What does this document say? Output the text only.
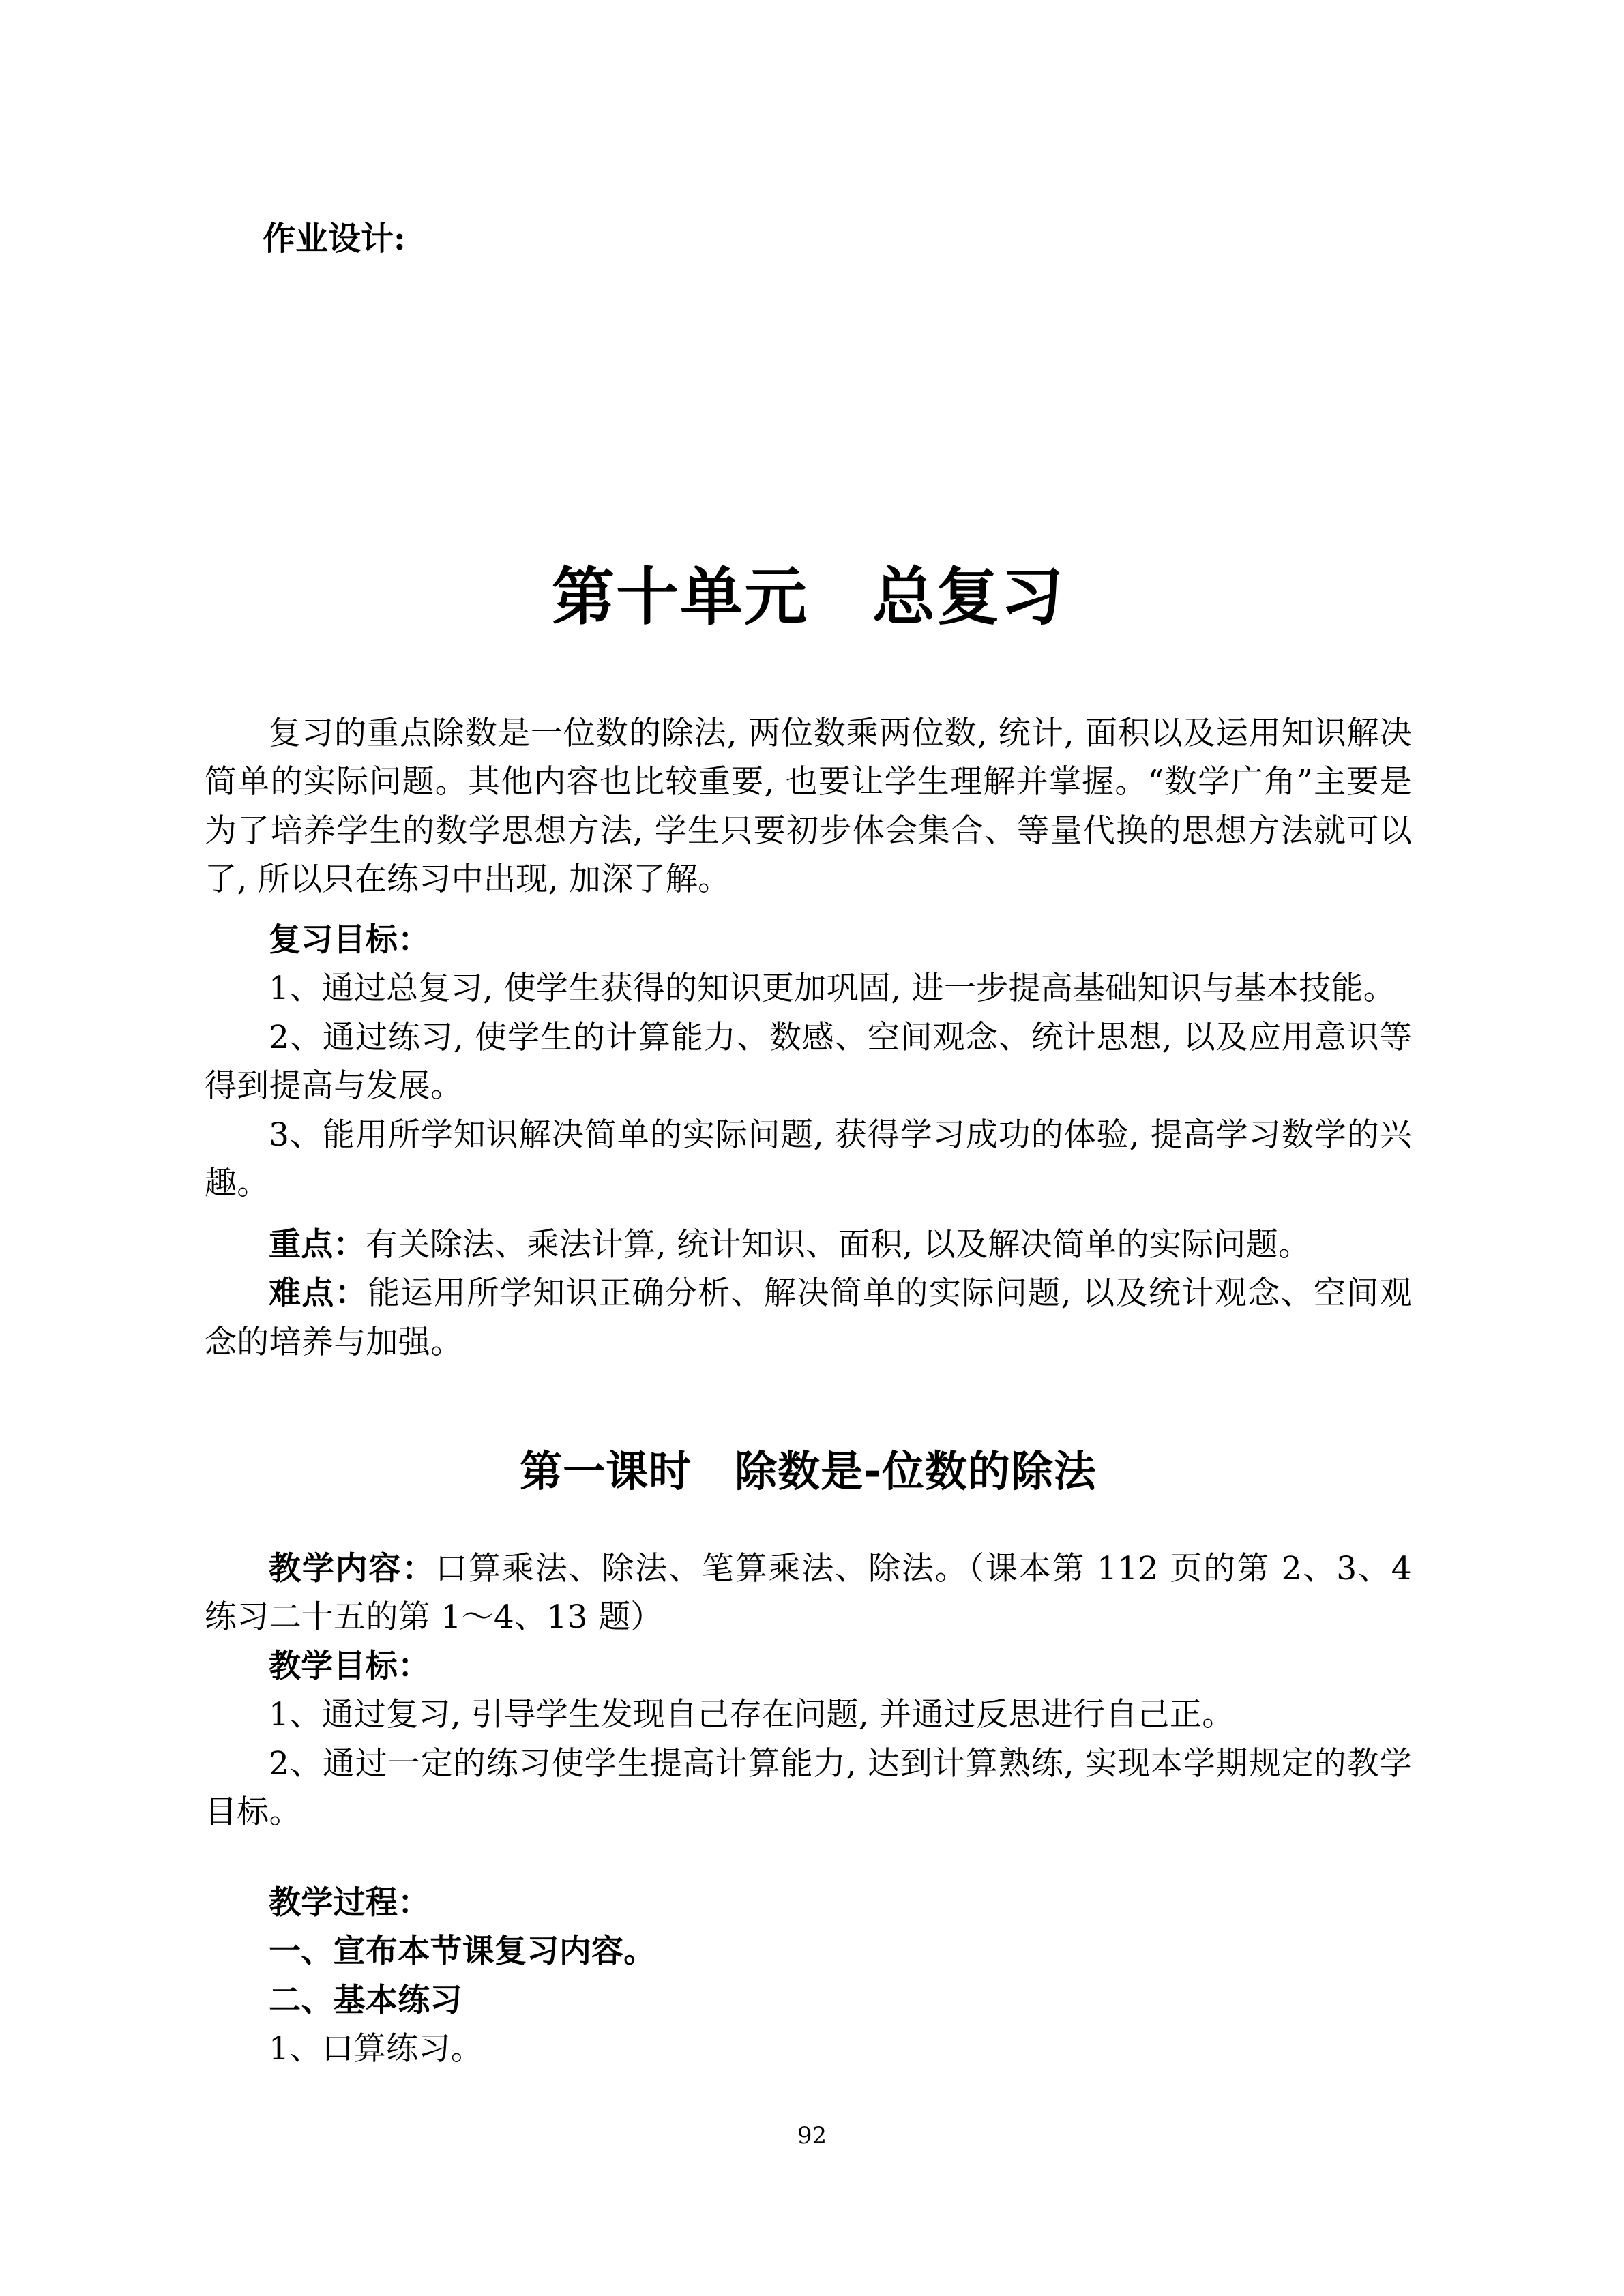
作业设计:
第十单元　总复习

复习的重点除数是一位数的除法, 两位数乘两位数, 统计, 面积以及运用知识解决简单的实际问题。其他内容也比较重要, 也要让学生理解并掌握。“数学广角”主要是为了培养学生的数学思想方法, 学生只要初步体会集合、等量代换的思想方法就可以了, 所以只在练习中出现, 加深了解。

复习目标：

1、通过总复习, 使学生获得的知识更加巩固, 进一步提高基础知识与基本技能。

2、通过练习, 使学生的计算能力、数感、空间观念、统计思想, 以及应用意识等得到提高与发展。

3、能用所学知识解决简单的实际问题, 获得学习成功的体验, 提高学习数学的兴趣。

重点：有关除法、乘法计算, 统计知识、面积, 以及解决简单的实际问题。

难点：能运用所学知识正确分析、解决简单的实际问题, 以及统计观念、空间观念的培养与加强。

第一课时　除数是-位数的除法

教学内容：口算乘法、除法、笔算乘法、除法。（课本第 112 页的第 2、3、4 练习二十五的第 1～4、13 题）

教学目标：

1、通过复习, 引导学生发现自己存在问题, 并通过反思进行自己正。

2、通过一定的练习使学生提高计算能力, 达到计算熟练, 实现本学期规定的教学目标。

教学过程：

一、宣布本节课复习内容。

二、基本练习

1、口算练习。

92
